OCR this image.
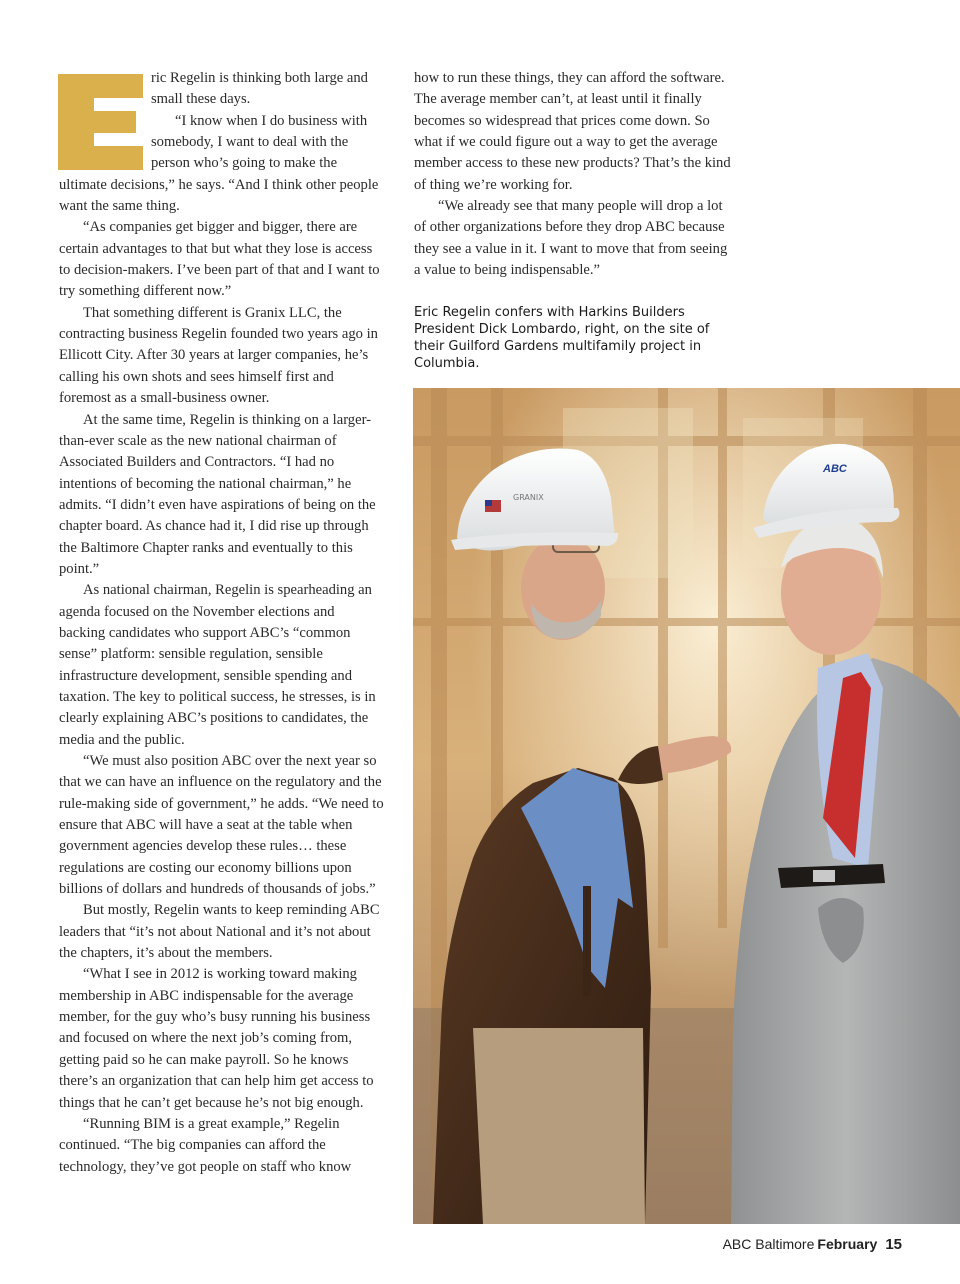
ric Regelin is thinking both large and small these days.

“I know when I do business with somebody, I want to deal with the person who’s going to make the ultimate decisions,” he says. “And I think other people want the same thing.

“As companies get bigger and bigger, there are certain advantages to that but what they lose is access to decision-makers. I’ve been part of that and I want to try something different now.”

That something different is Granix LLC, the contracting business Regelin founded two years ago in Ellicott City. After 30 years at larger companies, he’s calling his own shots and sees himself first and foremost as a small-business owner.

At the same time, Regelin is thinking on a larger-than-ever scale as the new national chairman of Associated Builders and Contractors. “I had no intentions of becoming the national chairman,” he admits. “I didn’t even have aspirations of being on the chapter board. As chance had it, I did rise up through the Baltimore Chapter ranks and eventually to this point.”

As national chairman, Regelin is spearheading an agenda focused on the November elections and backing candidates who support ABC’s “common sense” platform: sensible regulation, sensible infrastructure development, sensible spending and taxation. The key to political success, he stresses, is in clearly explaining ABC’s positions to candidates, the media and the public.

“We must also position ABC over the next year so that we can have an influence on the regulatory and the rule-making side of government,” he adds. “We need to ensure that ABC will have a seat at the table when government agencies develop these rules… these regulations are costing our economy billions upon billions of dollars and hundreds of thousands of jobs.”

But mostly, Regelin wants to keep reminding ABC leaders that “it’s not about National and it’s not about the chapters, it’s about the members.

“What I see in 2012 is working toward making membership in ABC indispensable for the average member, for the guy who’s busy running his business and focused on where the next job’s coming from, getting paid so he can make payroll. So he knows there’s an organization that can help him get access to things that he can’t get because he’s not big enough.

“Running BIM is a great example,” Regelin continued. “The big companies can afford the technology, they’ve got people on staff who know

how to run these things, they can afford the software. The average member can’t, at least until it finally becomes so widespread that prices come down. So what if we could figure out a way to get the average member access to these new products? That’s the kind of thing we’re working for.

“We already see that many people will drop a lot of other organizations before they drop ABC because they see a value in it. I want to move that from seeing a value to being indispensable.”

Eric Regelin confers with Harkins Builders President Dick Lombardo, right, on the site of their Guilford Gardens multifamily project in Columbia.
GRANIX
ABC
ABC Baltimore February 15
